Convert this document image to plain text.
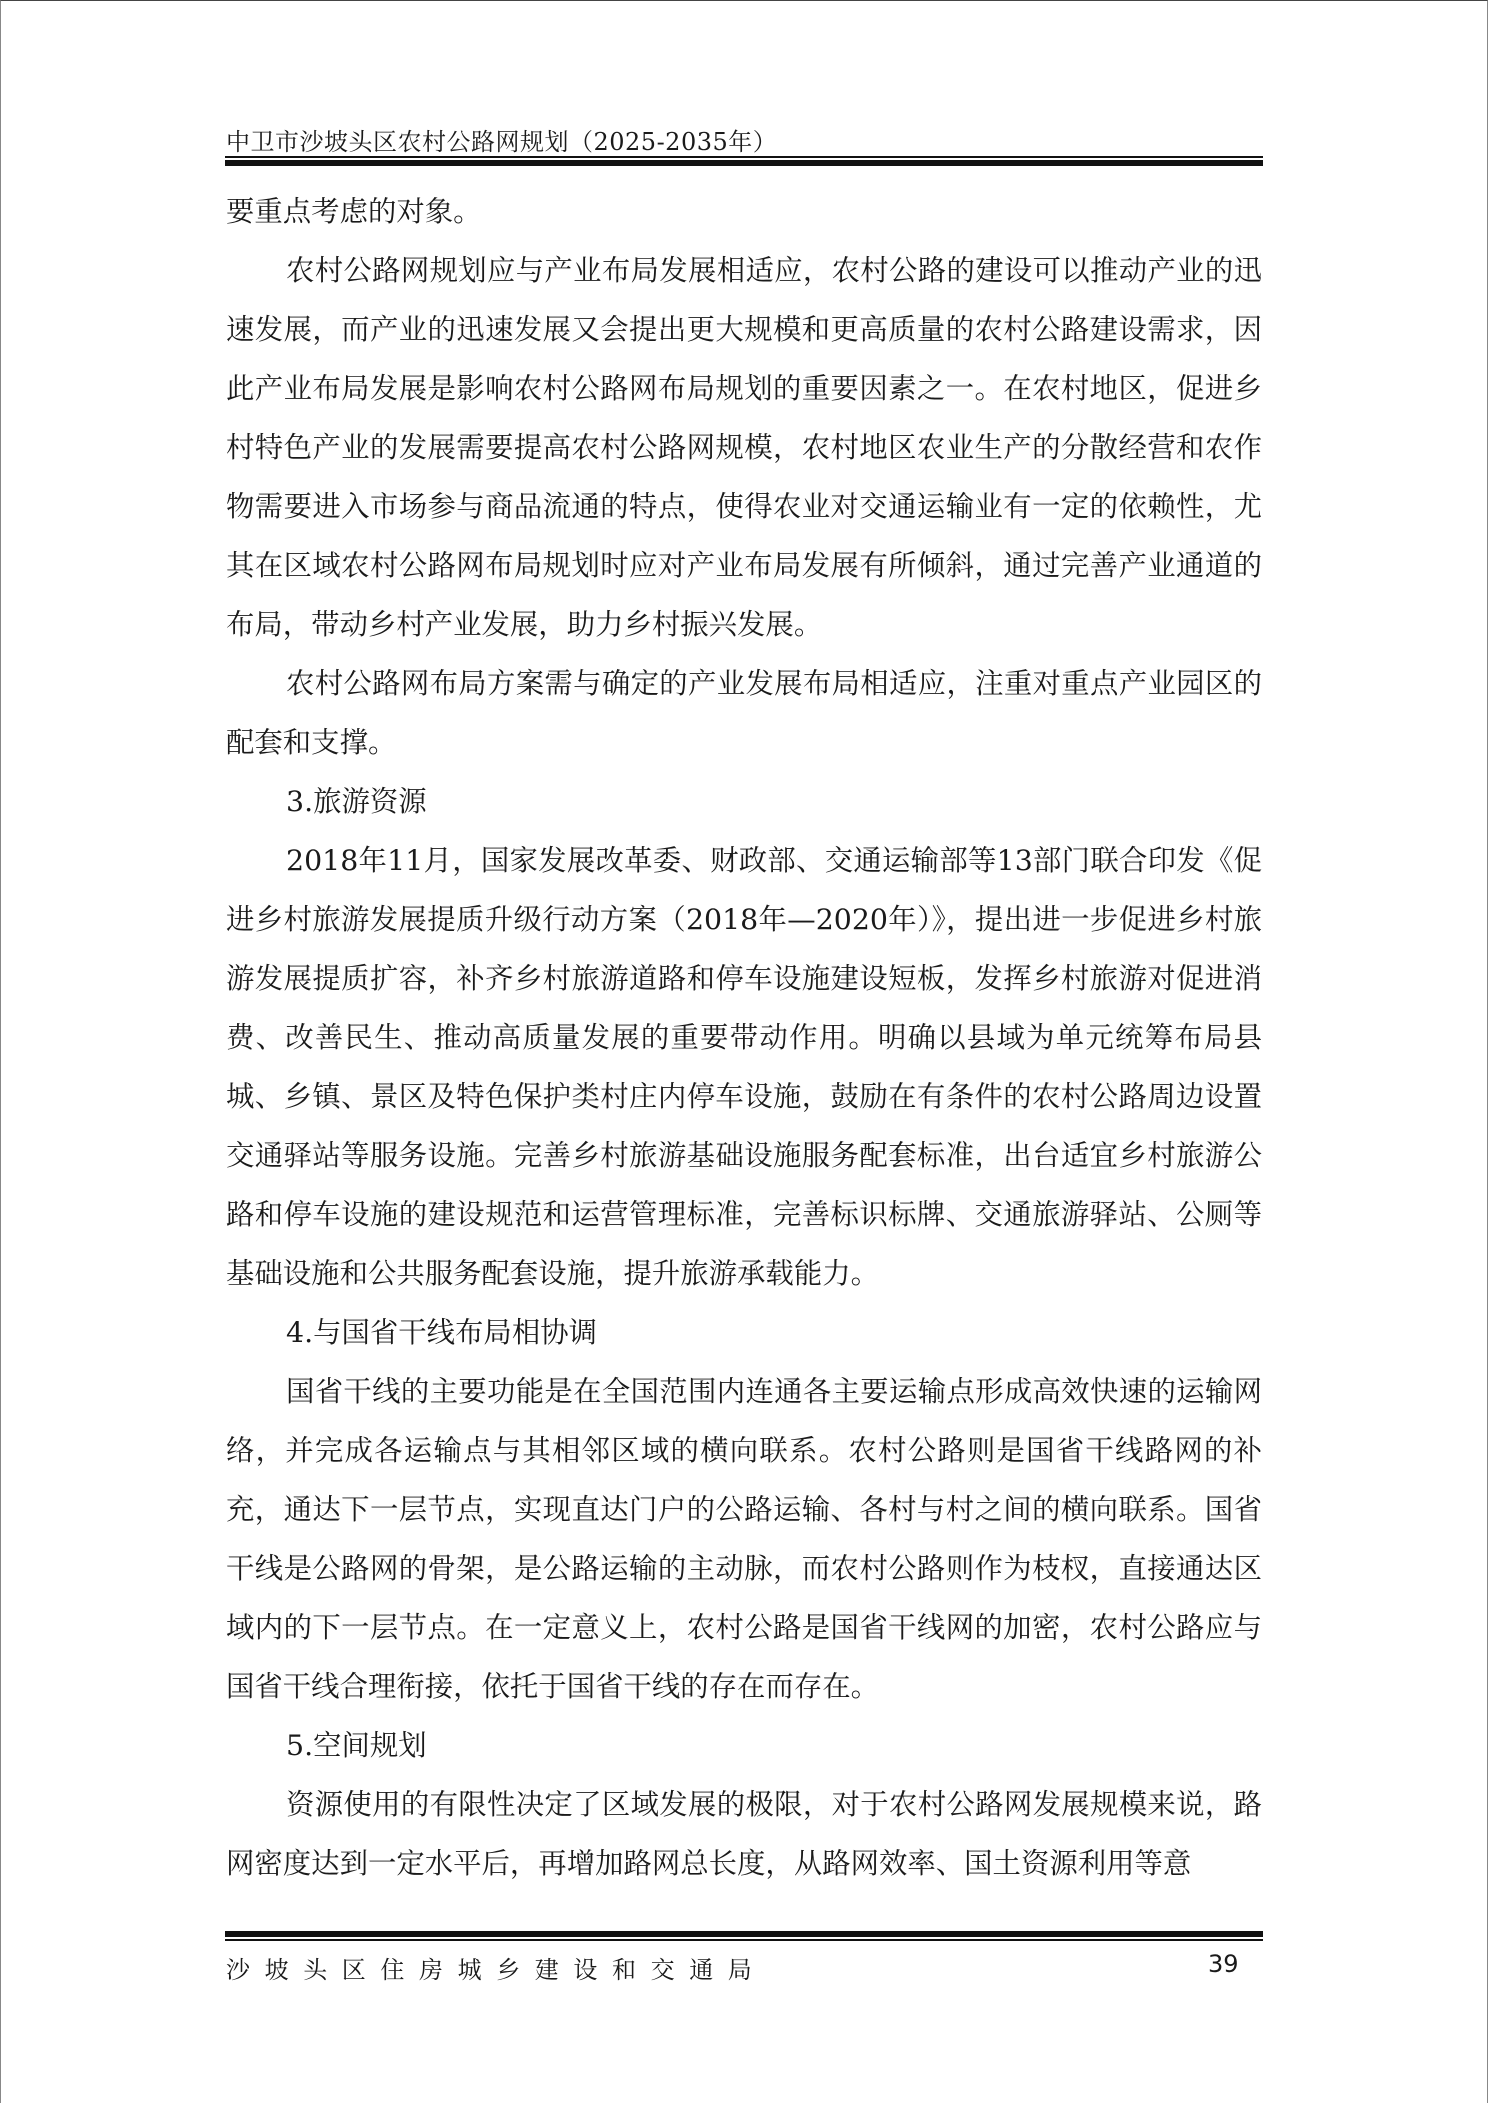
中卫市沙坡头区农村公路网规划（2025-2035年）

要重点考虑的对象。

农村公路网规划应与产业布局发展相适应，农村公路的建设可以推动产业的迅速发展，而产业的迅速发展又会提出更大规模和更高质量的农村公路建设需求，因此产业布局发展是影响农村公路网布局规划的重要因素之一。在农村地区，促进乡村特色产业的发展需要提高农村公路网规模，农村地区农业生产的分散经营和农作物需要进入市场参与商品流通的特点，使得农业对交通运输业有一定的依赖性，尤其在区域农村公路网布局规划时应对产业布局发展有所倾斜，通过完善产业通道的布局，带动乡村产业发展，助力乡村振兴发展。

农村公路网布局方案需与确定的产业发展布局相适应，注重对重点产业园区的配套和支撑。

3.旅游资源

2018年11月，国家发展改革委、财政部、交通运输部等13部门联合印发《促进乡村旅游发展提质升级行动方案（2018年—2020年）》，提出进一步促进乡村旅游发展提质扩容，补齐乡村旅游道路和停车设施建设短板，发挥乡村旅游对促进消费、改善民生、推动高质量发展的重要带动作用。明确以县域为单元统筹布局县城、乡镇、景区及特色保护类村庄内停车设施，鼓励在有条件的农村公路周边设置交通驿站等服务设施。完善乡村旅游基础设施服务配套标准，出台适宜乡村旅游公路和停车设施的建设规范和运营管理标准，完善标识标牌、交通旅游驿站、公厕等基础设施和公共服务配套设施，提升旅游承载能力。

4.与国省干线布局相协调

国省干线的主要功能是在全国范围内连通各主要运输点形成高效快速的运输网络，并完成各运输点与其相邻区域的横向联系。农村公路则是国省干线路网的补充，通达下一层节点，实现直达门户的公路运输、各村与村之间的横向联系。国省干线是公路网的骨架，是公路运输的主动脉，而农村公路则作为枝杈，直接通达区域内的下一层节点。在一定意义上，农村公路是国省干线网的加密，农村公路应与国省干线合理衔接，依托于国省干线的存在而存在。

5.空间规划

资源使用的有限性决定了区域发展的极限，对于农村公路网发展规模来说，路网密度达到一定水平后，再增加路网总长度，从路网效率、国土资源利用等意

沙坡头区住房城乡建设和交通局	39
